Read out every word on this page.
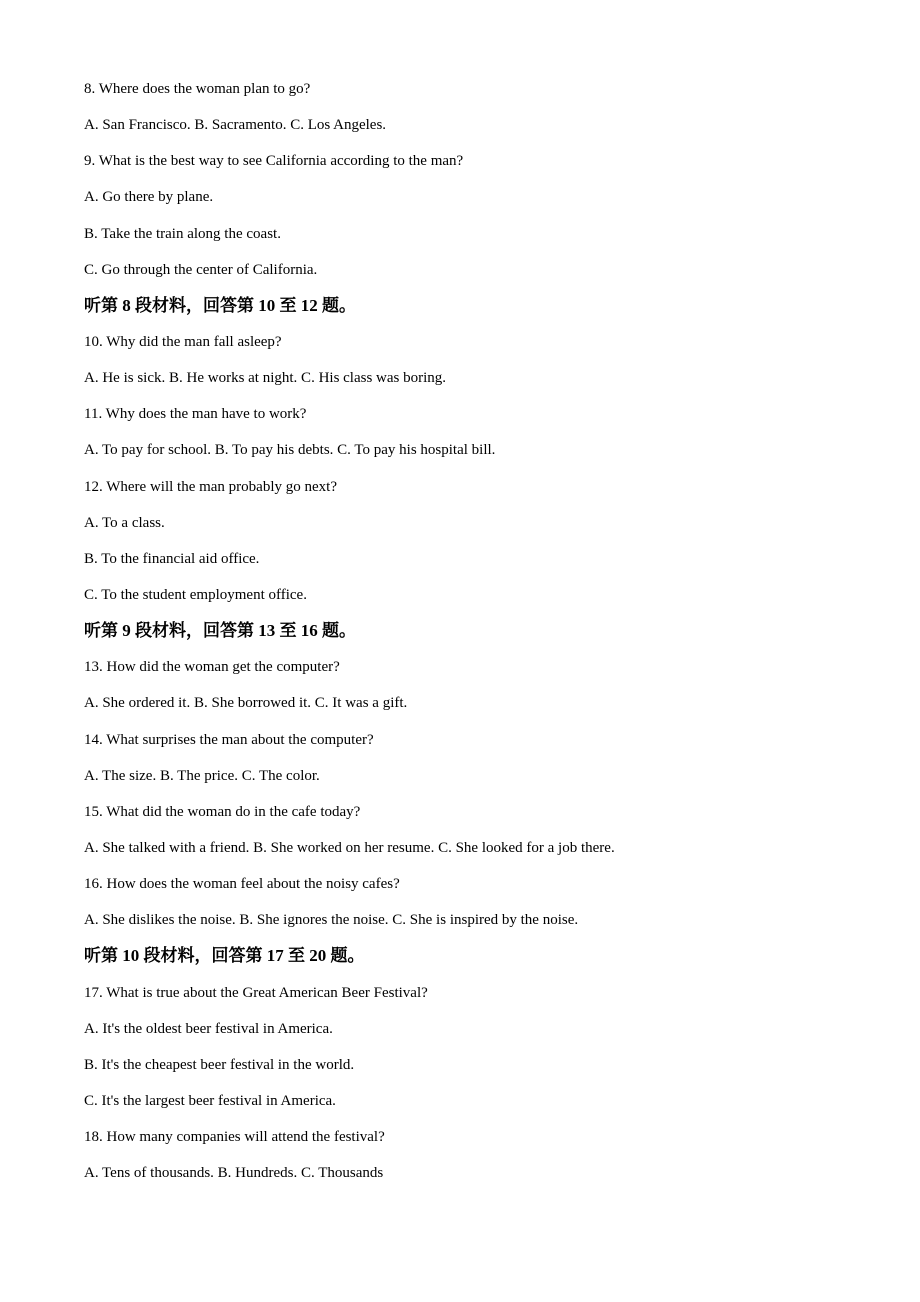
8. Where does the woman plan to go?
A. San Francisco. B. Sacramento. C. Los Angeles.
9. What is the best way to see California according to the man?
A. Go there by plane.
B. Take the train along the coast.
C. Go through the center of California.
听第 8 段材料，回答第 10 至 12 题。
10. Why did the man fall asleep?
A. He is sick. B. He works at night. C. His class was boring.
11. Why does the man have to work?
A. To pay for school. B. To pay his debts. C. To pay his hospital bill.
12. Where will the man probably go next?
A. To a class.
B. To the financial aid office.
C. To the student employment office.
听第 9 段材料，回答第 13 至 16 题。
13. How did the woman get the computer?
A. She ordered it. B. She borrowed it. C. It was a gift.
14. What surprises the man about the computer?
A. The size. B. The price. C. The color.
15. What did the woman do in the cafe today?
A. She talked with a friend. B. She worked on her resume. C. She looked for a job there.
16. How does the woman feel about the noisy cafes?
A. She dislikes the noise. B. She ignores the noise. C. She is inspired by the noise.
听第 10 段材料，回答第 17 至 20 题。
17. What is true about the Great American Beer Festival?
A. It's the oldest beer festival in America.
B. It's the cheapest beer festival in the world.
C. It's the largest beer festival in America.
18. How many companies will attend the festival?
A. Tens of thousands. B. Hundreds. C. Thousands
